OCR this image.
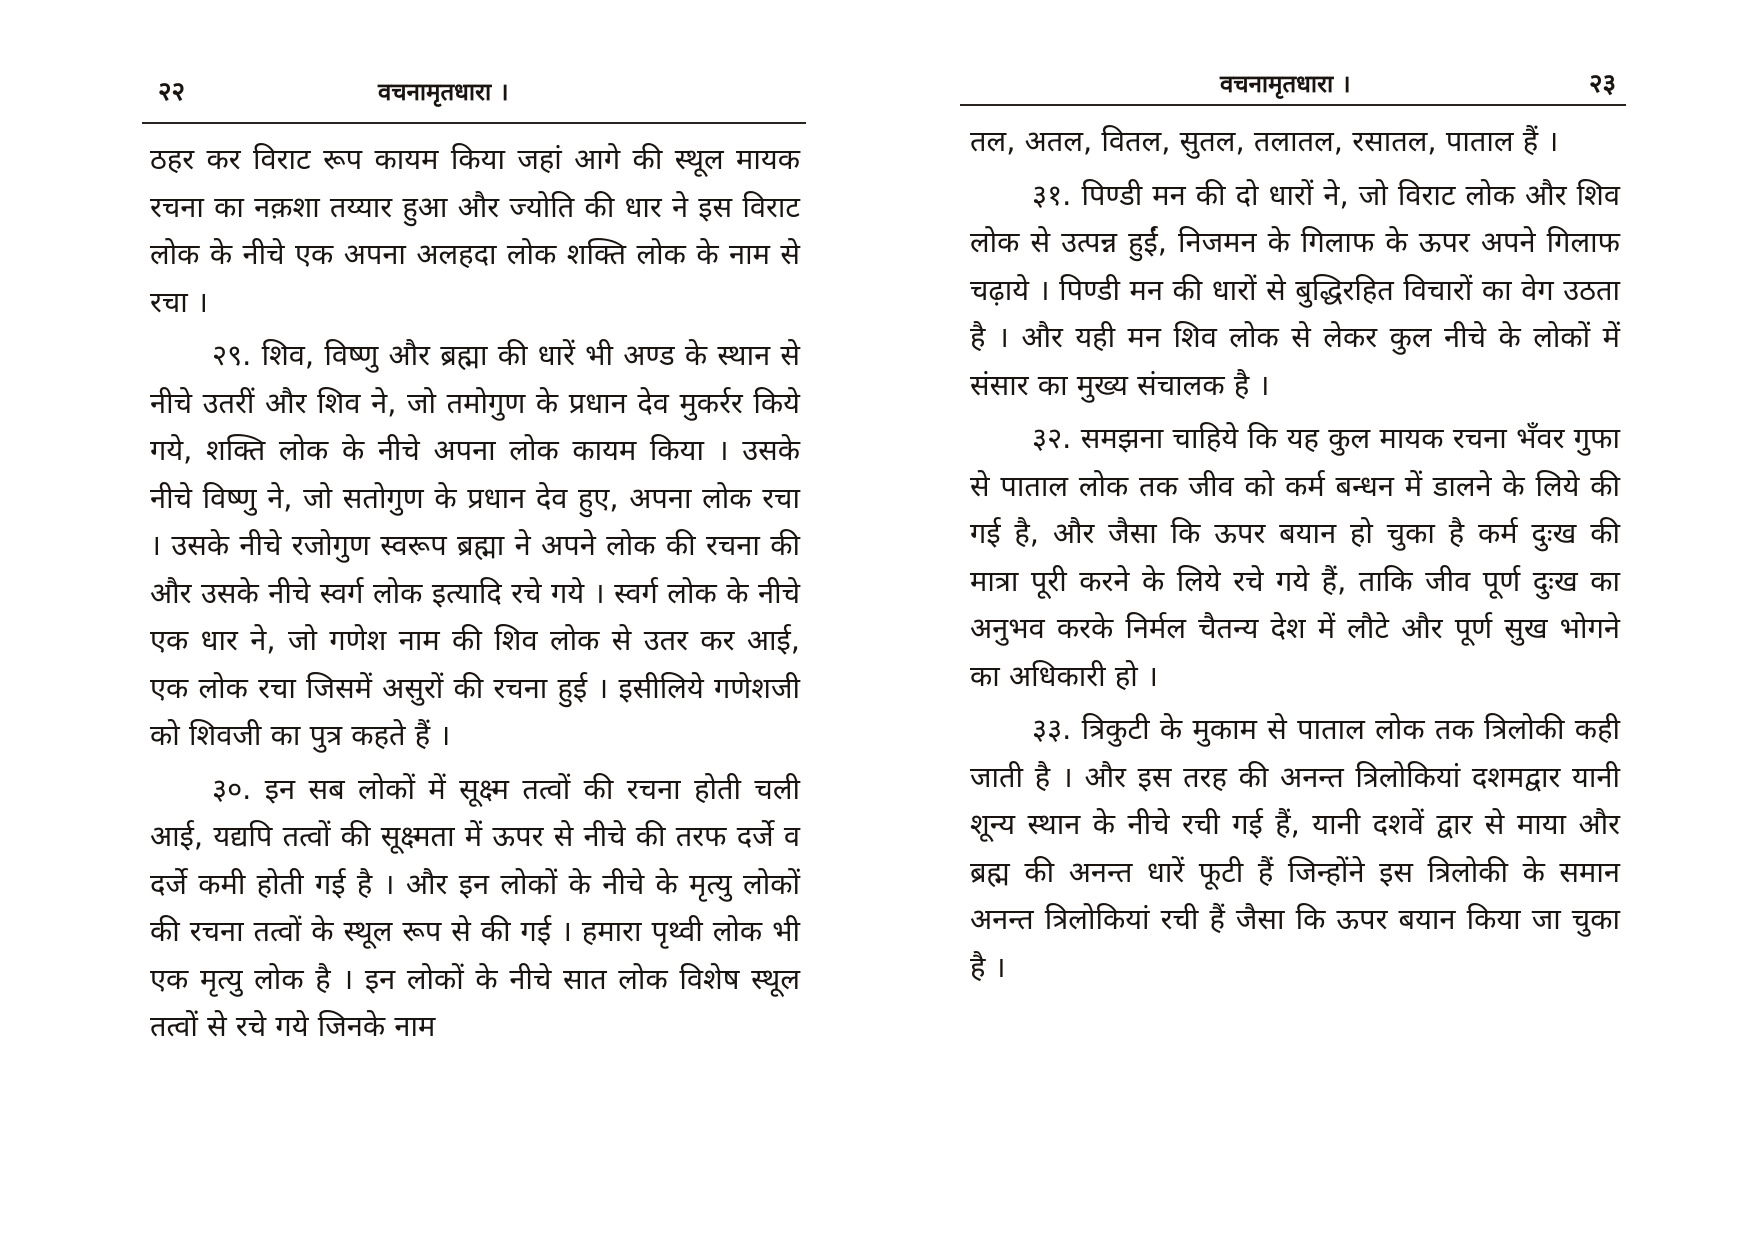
२२	वचनामृतधारा ।

ठहर कर विराट रूप कायम किया जहां आगे की स्थूल मायक रचना का नक़शा तय्यार हुआ और ज्योति की धार ने इस विराट लोक के नीचे एक अपना अलहदा लोक शक्ति लोक के नाम से रचा ।

२९. शिव, विष्णु और ब्रह्मा की धारें भी अण्ड के स्थान से नीचे उतरीं और शिव ने, जो तमोगुण के प्रधान देव मुकर्रर किये गये, शक्ति लोक के नीचे अपना लोक कायम किया । उसके नीचे विष्णु ने, जो सतोगुण के प्रधान देव हुए, अपना लोक रचा । उसके नीचे रजोगुण स्वरूप ब्रह्मा ने अपने लोक की रचना की और उसके नीचे स्वर्ग लोक इत्यादि रचे गये । स्वर्ग लोक के नीचे एक धार ने, जो गणेश नाम की शिव लोक से उतर कर आई, एक लोक रचा जिसमें असुरों की रचना हुई । इसीलिये गणेशजी को शिवजी का पुत्र कहते हैं ।

३०. इन सब लोकों में सूक्ष्म तत्वों की रचना होती चली आई, यद्यपि तत्वों की सूक्ष्मता में ऊपर से नीचे की तरफ दर्जे व दर्जे कमी होती गई है । और इन लोकों के नीचे के मृत्यु लोकों की रचना तत्वों के स्थूल रूप से की गई । हमारा पृथ्वी लोक भी एक मृत्यु लोक है । इन लोकों के नीचे सात लोक विशेष स्थूल तत्वों से रचे गये जिनके नाम

वचनामृतधारा ।	२३

तल, अतल, वितल, सुतल, तलातल, रसातल, पाताल हैं ।

३१. पिण्डी मन की दो धारों ने, जो विराट लोक और शिव लोक से उत्पन्न हुईं, निजमन के गिलाफ के ऊपर अपने गिलाफ चढ़ाये । पिण्डी मन की धारों से बुद्धिरहित विचारों का वेग उठता है । और यही मन शिव लोक से लेकर कुल नीचे के लोकों में संसार का मुख्य संचालक है ।

३२. समझना चाहिये कि यह कुल मायक रचना भँवर गुफा से पाताल लोक तक जीव को कर्म बन्धन में डालने के लिये की गई है, और जैसा कि ऊपर बयान हो चुका है कर्म दुःख की मात्रा पूरी करने के लिये रचे गये हैं, ताकि जीव पूर्ण दुःख का अनुभव करके निर्मल चैतन्य देश में लौटे और पूर्ण सुख भोगने का अधिकारी हो ।

३३. त्रिकुटी के मुकाम से पाताल लोक तक त्रिलोकी कही जाती है । और इस तरह की अनन्त त्रिलोकियां दशमद्वार यानी शून्य स्थान के नीचे रची गई हैं, यानी दशवें द्वार से माया और ब्रह्म की अनन्त धारें फूटी हैं जिन्होंने इस त्रिलोकी के समान अनन्त त्रिलोकियां रची हैं जैसा कि ऊपर बयान किया जा चुका है ।
